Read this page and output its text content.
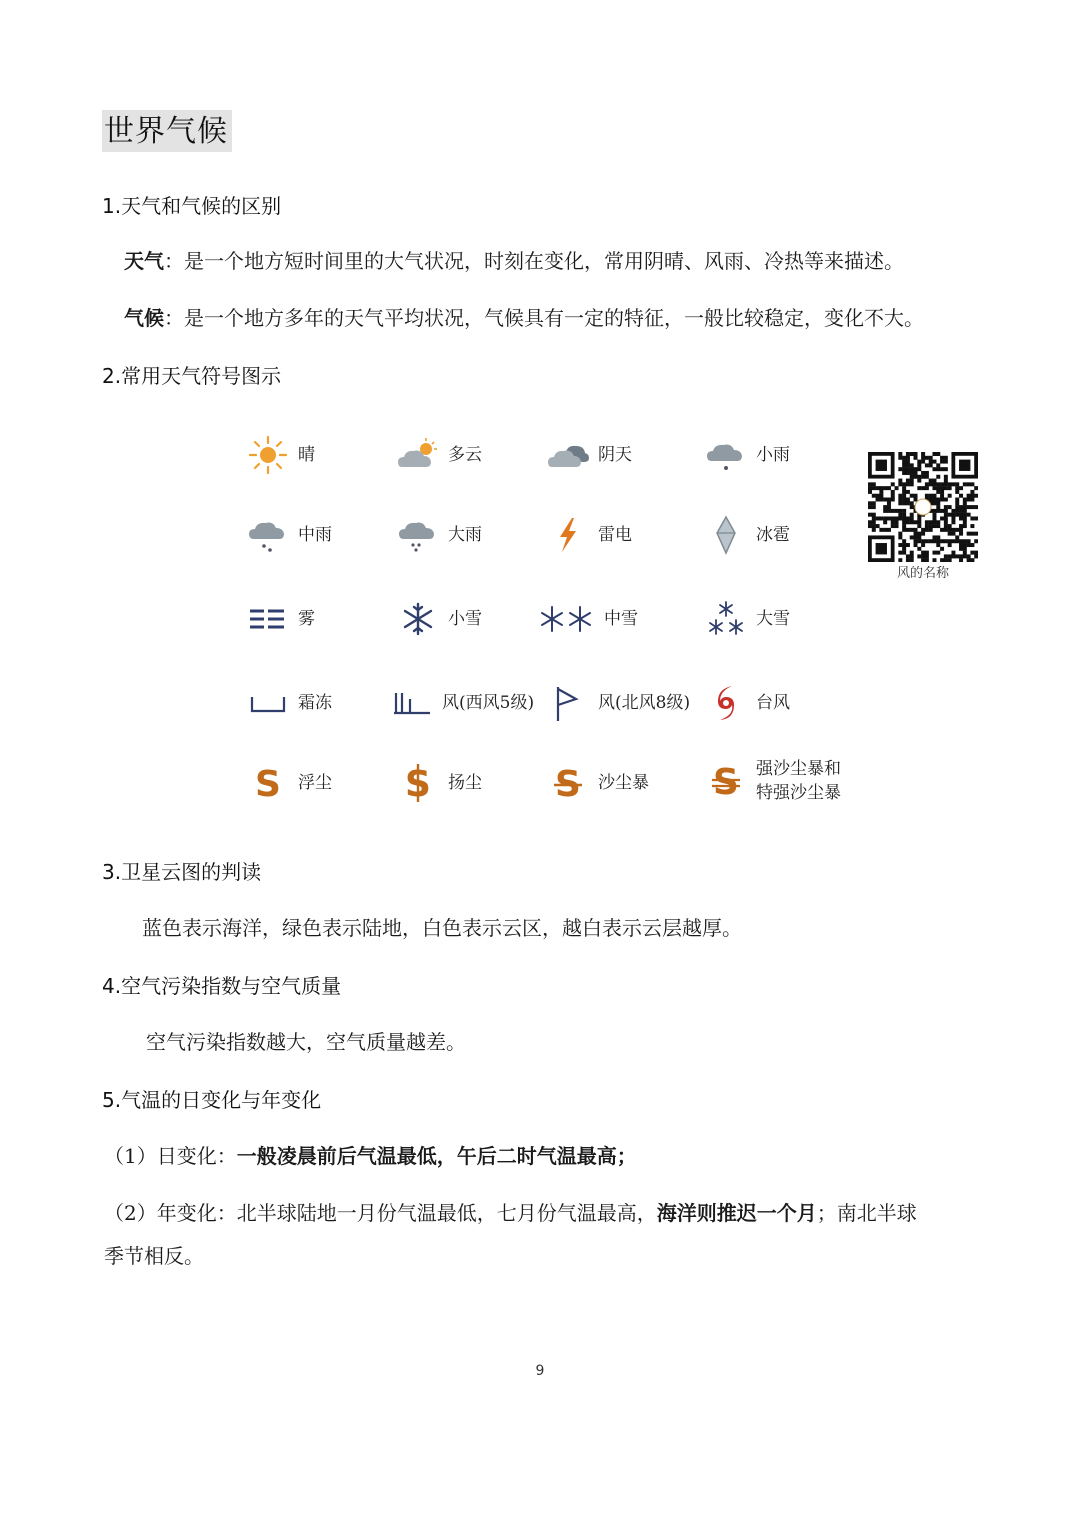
世界气候
1.天气和气候的区别
天气：是一个地方短时间里的大气状况，时刻在变化，常用阴晴、风雨、冷热等来描述。
气候：是一个地方多年的天气平均状况，气候具有一定的特征，一般比较稳定，变化不大。
2.常用天气符号图示
晴	多云	阴天	小雨
中雨	大雨	雷电	冰雹
雾	小雪	中雪	大雪
霜冻	风(西风5级)	风(北风8级)	台风
S 浮尘 S 扬尘 S 沙尘暴 S 强沙尘暴和
特强沙尘暴
风的名称
3.卫星云图的判读
蓝色表示海洋，绿色表示陆地，白色表示云区，越白表示云层越厚。
4.空气污染指数与空气质量
空气污染指数越大，空气质量越差。
5.气温的日变化与年变化
（1）日变化：一般凌晨前后气温最低，午后二时气温最高；
（2）年变化：北半球陆地一月份气温最低，七月份气温最高，海洋则推迟一个月；南北半球
季节相反。
9
